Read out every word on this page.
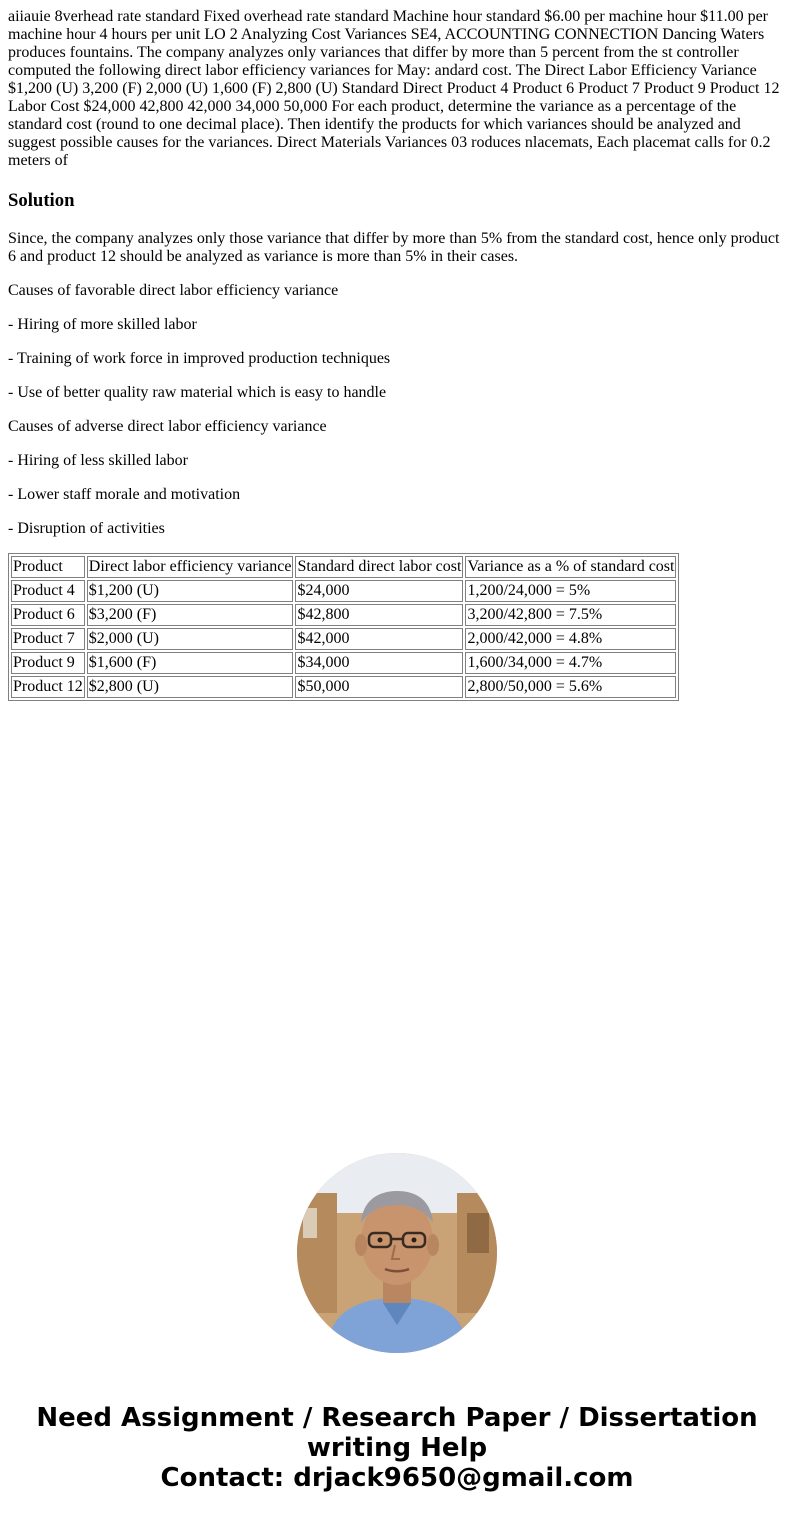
aiiauie 8verhead rate standard Fixed overhead rate standard Machine hour standard $6.00 per machine hour $11.00 per machine hour 4 hours per unit LO 2 Analyzing Cost Variances SE4, ACCOUNTING CONNECTION Dancing Waters produces fountains. The company analyzes only variances that differ by more than 5 percent from the st controller computed the following direct labor efficiency variances for May: andard cost. The Direct Labor Efficiency Variance $1,200 (U) 3,200 (F) 2,000 (U) 1,600 (F) 2,800 (U) Standard Direct Product 4 Product 6 Product 7 Product 9 Product 12 Labor Cost $24,000 42,800 42,000 34,000 50,000 For each product, determine the variance as a percentage of the standard cost (round to one decimal place). Then identify the products for which variances should be analyzed and suggest possible causes for the variances. Direct Materials Variances 03 roduces nlacemats, Each placemat calls for 0.2 meters of

Solution

Since, the company analyzes only those variance that differ by more than 5% from the standard cost, hence only product 6 and product 12 should be analyzed as variance is more than 5% in their cases.

Causes of favorable direct labor efficiency variance

- Hiring of more skilled labor

- Training of work force in improved production techniques

- Use of better quality raw material which is easy to handle

Causes of adverse direct labor efficiency variance

- Hiring of less skilled labor

- Lower staff morale and motivation

- Disruption of activities

Product	Direct labor efficiency variance	Standard direct labor cost	Variance as a % of standard cost
Product 4	$1,200 (U)	$24,000	1,200/24,000 = 5%
Product 6	$3,200 (F)	$42,800	3,200/42,800 = 7.5%
Product 7	$2,000 (U)	$42,000	2,000/42,000 = 4.8%
Product 9	$1,600 (F)	$34,000	1,600/34,000 = 4.7%
Product 12	$2,800 (U)	$50,000	2,800/50,000 = 5.6%
Need Assignment / Research Paper / Dissertation
writing Help
Contact: drjack9650@gmail.com
